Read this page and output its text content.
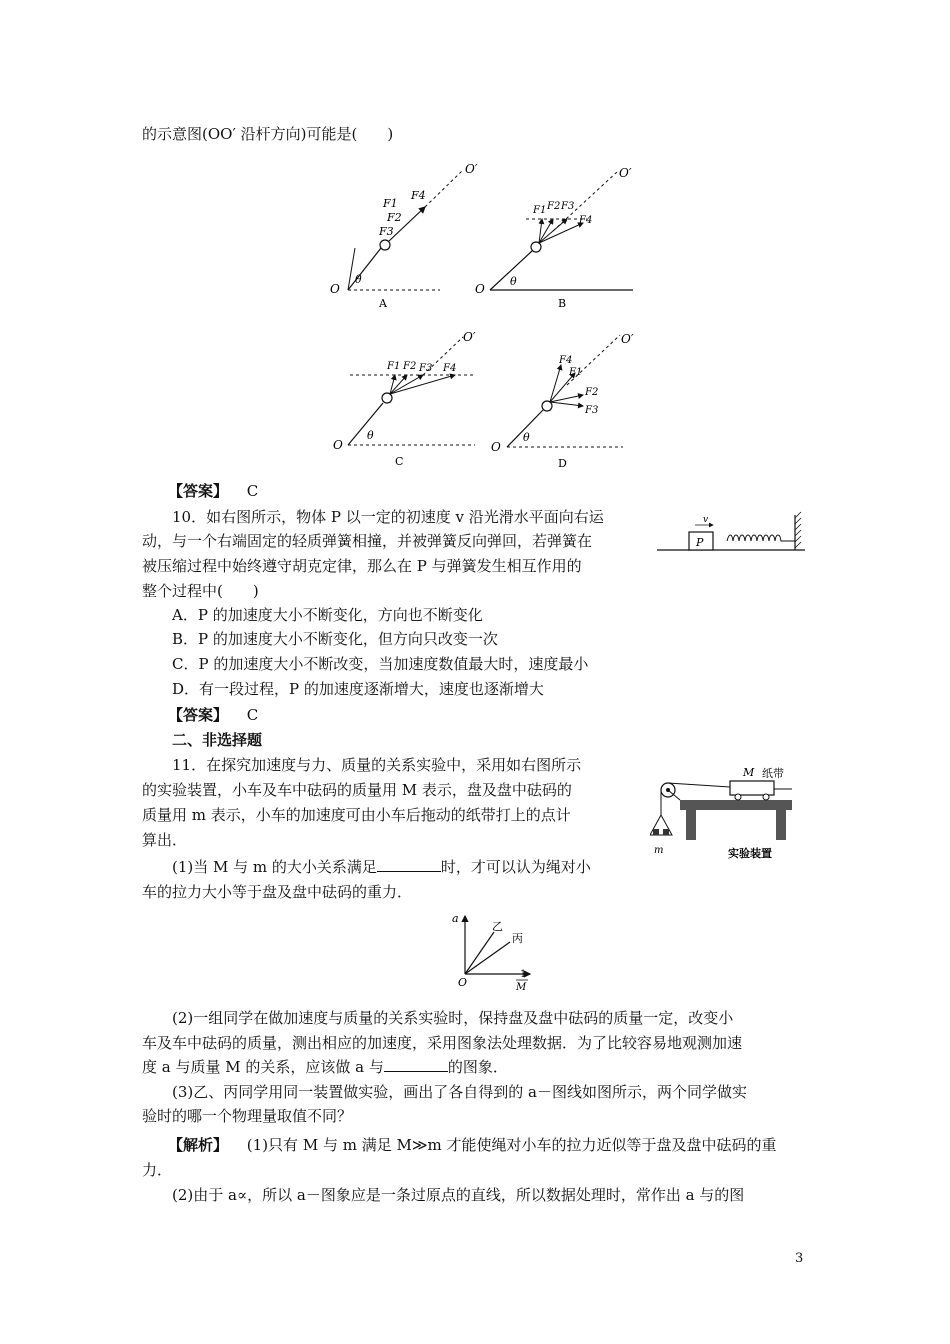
的示意图(OO′ 沿杆方向)可能是(　　)
O
θ
O′
F1
F2
F3
F4
A
O
θ
O′
F1 F2 F3
F4
B
O
θ
O′
F1 F2 F3 F4
C
O
θ
O′
F1
F2
F3
F4
D
【答案】 C
10．如右图所示，物体 P 以一定的初速度 v 沿光滑水平面向右运
动，与一个右端固定的轻质弹簧相撞，并被弹簧反向弹回，若弹簧在
被压缩过程中始终遵守胡克定律，那么在 P 与弹簧发生相互作用的
整个过程中(　　)
P
v
A．P 的加速度大小不断变化，方向也不断变化
B．P 的加速度大小不断变化，但方向只改变一次
C．P 的加速度大小不断改变，当加速度数值最大时，速度最小
D．有一段过程，P 的加速度逐渐增大，速度也逐渐增大
【答案】 C
二、非选择题
11．在探究加速度与力、质量的关系实验中，采用如右图所示
的实验装置，小车及车中砝码的质量用 M 表示，盘及盘中砝码的
质量用 m 表示，小车的加速度可由小车后拖动的纸带打上的点计
算出．
M 纸带
m	实验装置
(1)当 M 与 m 的大小关系满足	时，才可以认为绳对小
车的拉力大小等于盘及盘中砝码的重力．
a
O
乙
丙
1
M
(2)一组同学在做加速度与质量的关系实验时，保持盘及盘中砝码的质量一定，改变小
车及车中砝码的质量，测出相应的加速度，采用图象法处理数据．为了比较容易地观测加速
度 a 与质量 M 的关系，应该做 a 与	的图象．
(3)乙、丙同学用同一装置做实验，画出了各自得到的 a－图线如图所示，两个同学做实
验时的哪一个物理量取值不同？
【解析】 (1)只有 M 与 m 满足 M≫m 才能使绳对小车的拉力近似等于盘及盘中砝码的重
力．
(2)由于 a∝，所以 a－图象应是一条过原点的直线，所以数据处理时，常作出 a 与的图
3
